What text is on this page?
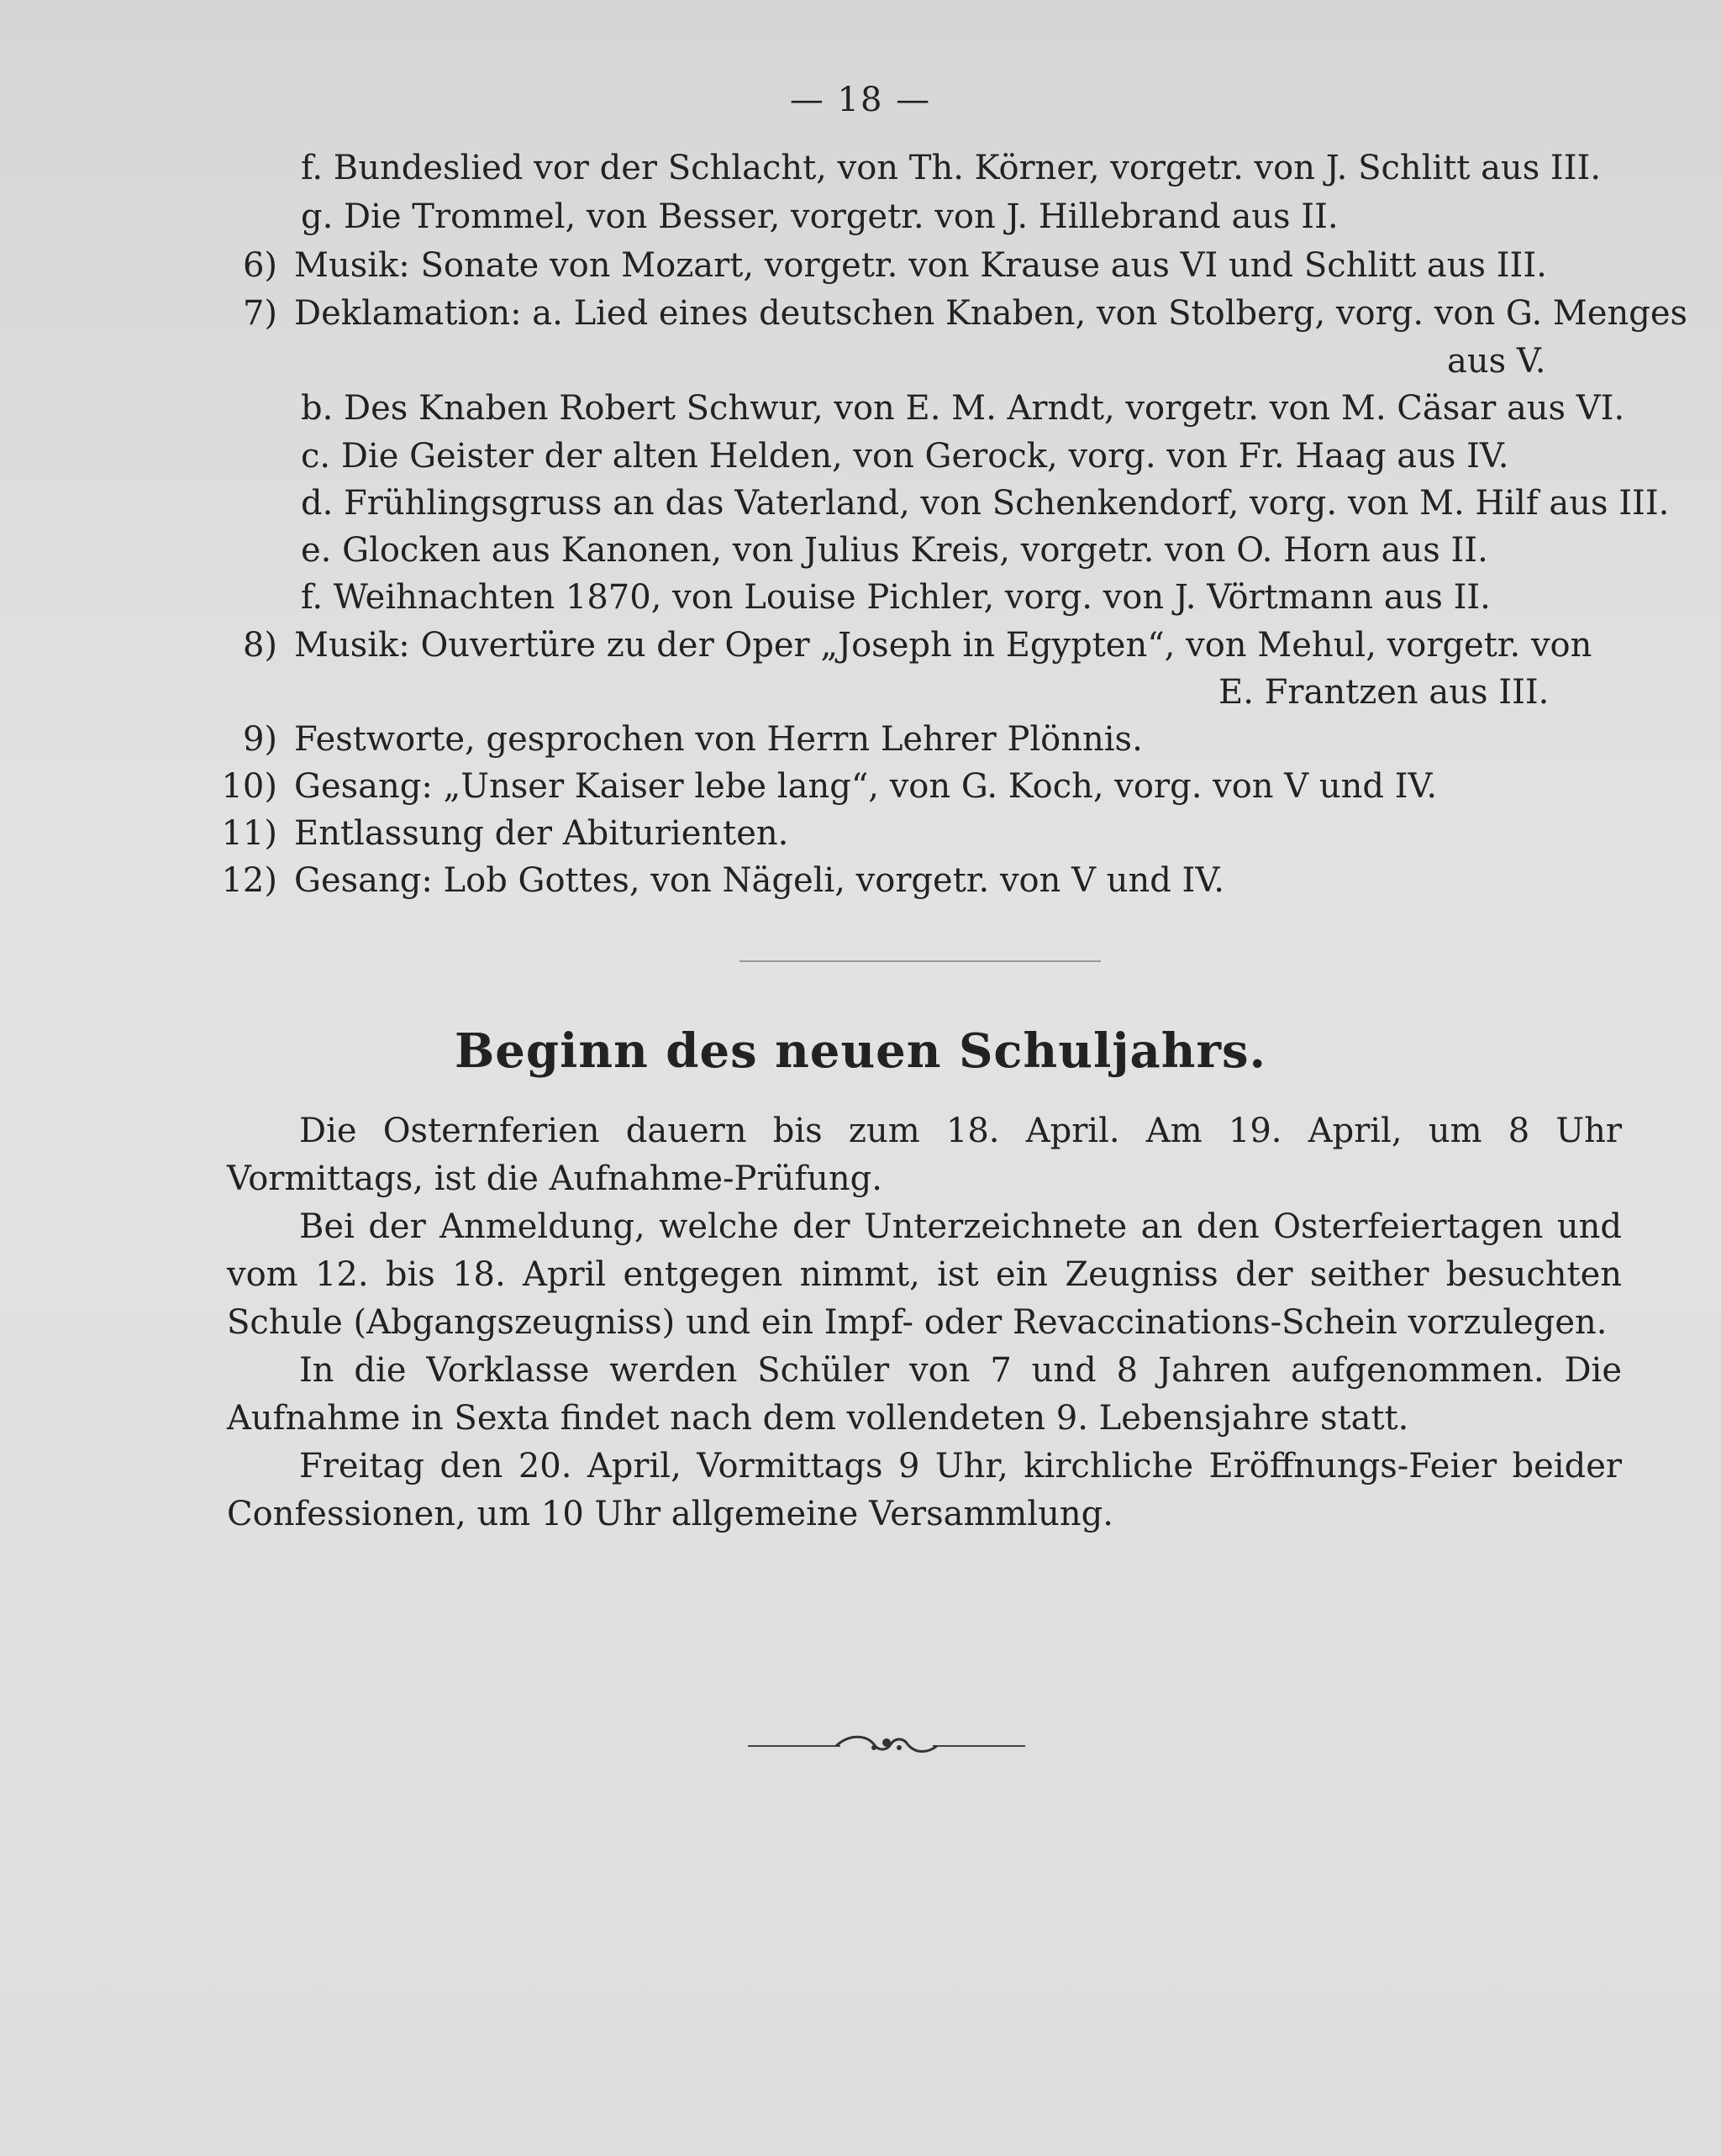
— 18 —
f. Bundeslied vor der Schlacht, von Th. Körner, vorgetr. von J. Schlitt aus III.
g. Die Trommel, von Besser, vorgetr. von J. Hillebrand aus II.
6) Musik: Sonate von Mozart, vorgetr. von Krause aus VI und Schlitt aus III.
7) Deklamation: a. Lied eines deutschen Knaben, von Stolberg, vorg. von G. Menges
aus V.
b. Des Knaben Robert Schwur, von E. M. Arndt, vorgetr. von M. Cäsar aus VI.
c. Die Geister der alten Helden, von Gerock, vorg. von Fr. Haag aus IV.
d. Frühlingsgruss an das Vaterland, von Schenkendorf, vorg. von M. Hilf aus III.
e. Glocken aus Kanonen, von Julius Kreis, vorgetr. von O. Horn aus II.
f. Weihnachten 1870, von Louise Pichler, vorg. von J. Vörtmann aus II.
8) Musik: Ouvertüre zu der Oper „Joseph in Egypten“, von Mehul, vorgetr. von
E. Frantzen aus III.
9) Festworte, gesprochen von Herrn Lehrer Plönnis.
10) Gesang: „Unser Kaiser lebe lang“, von G. Koch, vorg. von V und IV.
11) Entlassung der Abiturienten.
12) Gesang: Lob Gottes, von Nägeli, vorgetr. von V und IV.
Beginn des neuen Schuljahrs.

Die Osternferien dauern bis zum 18. April. Am 19. April, um 8 Uhr Vormittags, ist die Aufnahme-Prüfung.

Bei der Anmeldung, welche der Unterzeichnete an den Osterfeiertagen und vom 12. bis 18. April entgegen nimmt, ist ein Zeugniss der seither besuchten Schule (Abgangszeugniss) und ein Impf- oder Revaccinations-Schein vorzulegen.

In die Vorklasse werden Schüler von 7 und 8 Jahren aufgenommen. Die Aufnahme in Sexta findet nach dem vollendeten 9. Lebensjahre statt.

Freitag den 20. April, Vormittags 9 Uhr, kirchliche Eröffnungs-Feier beider Confessionen, um 10 Uhr allgemeine Versammlung.
